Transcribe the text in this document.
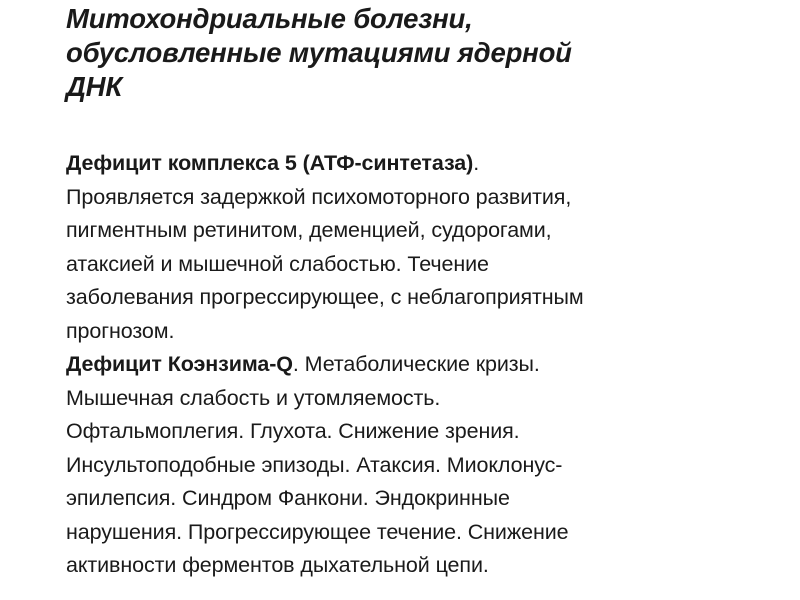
Митохондриальные болезни,
обусловленные мутациями ядерной
ДНК

Дефицит комплекса 5 (АТФ-синтетаза).
Проявляется задержкой психомоторного развития,
пигментным ретинитом, деменцией, судорогами,
атаксией и мышечной слабостью. Течение
заболевания прогрессирующее, с неблагоприятным
прогнозом.

Дефицит Коэнзима-Q. Метаболические кризы.
Мышечная слабость и утомляемость.
Офтальмоплегия. Глухота. Снижение зрения.
Инсультоподобные эпизоды. Атаксия. Миоклонус-
эпилепсия. Синдром Фанкони. Эндокринные
нарушения. Прогрессирующее течение. Снижение
активности ферментов дыхательной цепи.
